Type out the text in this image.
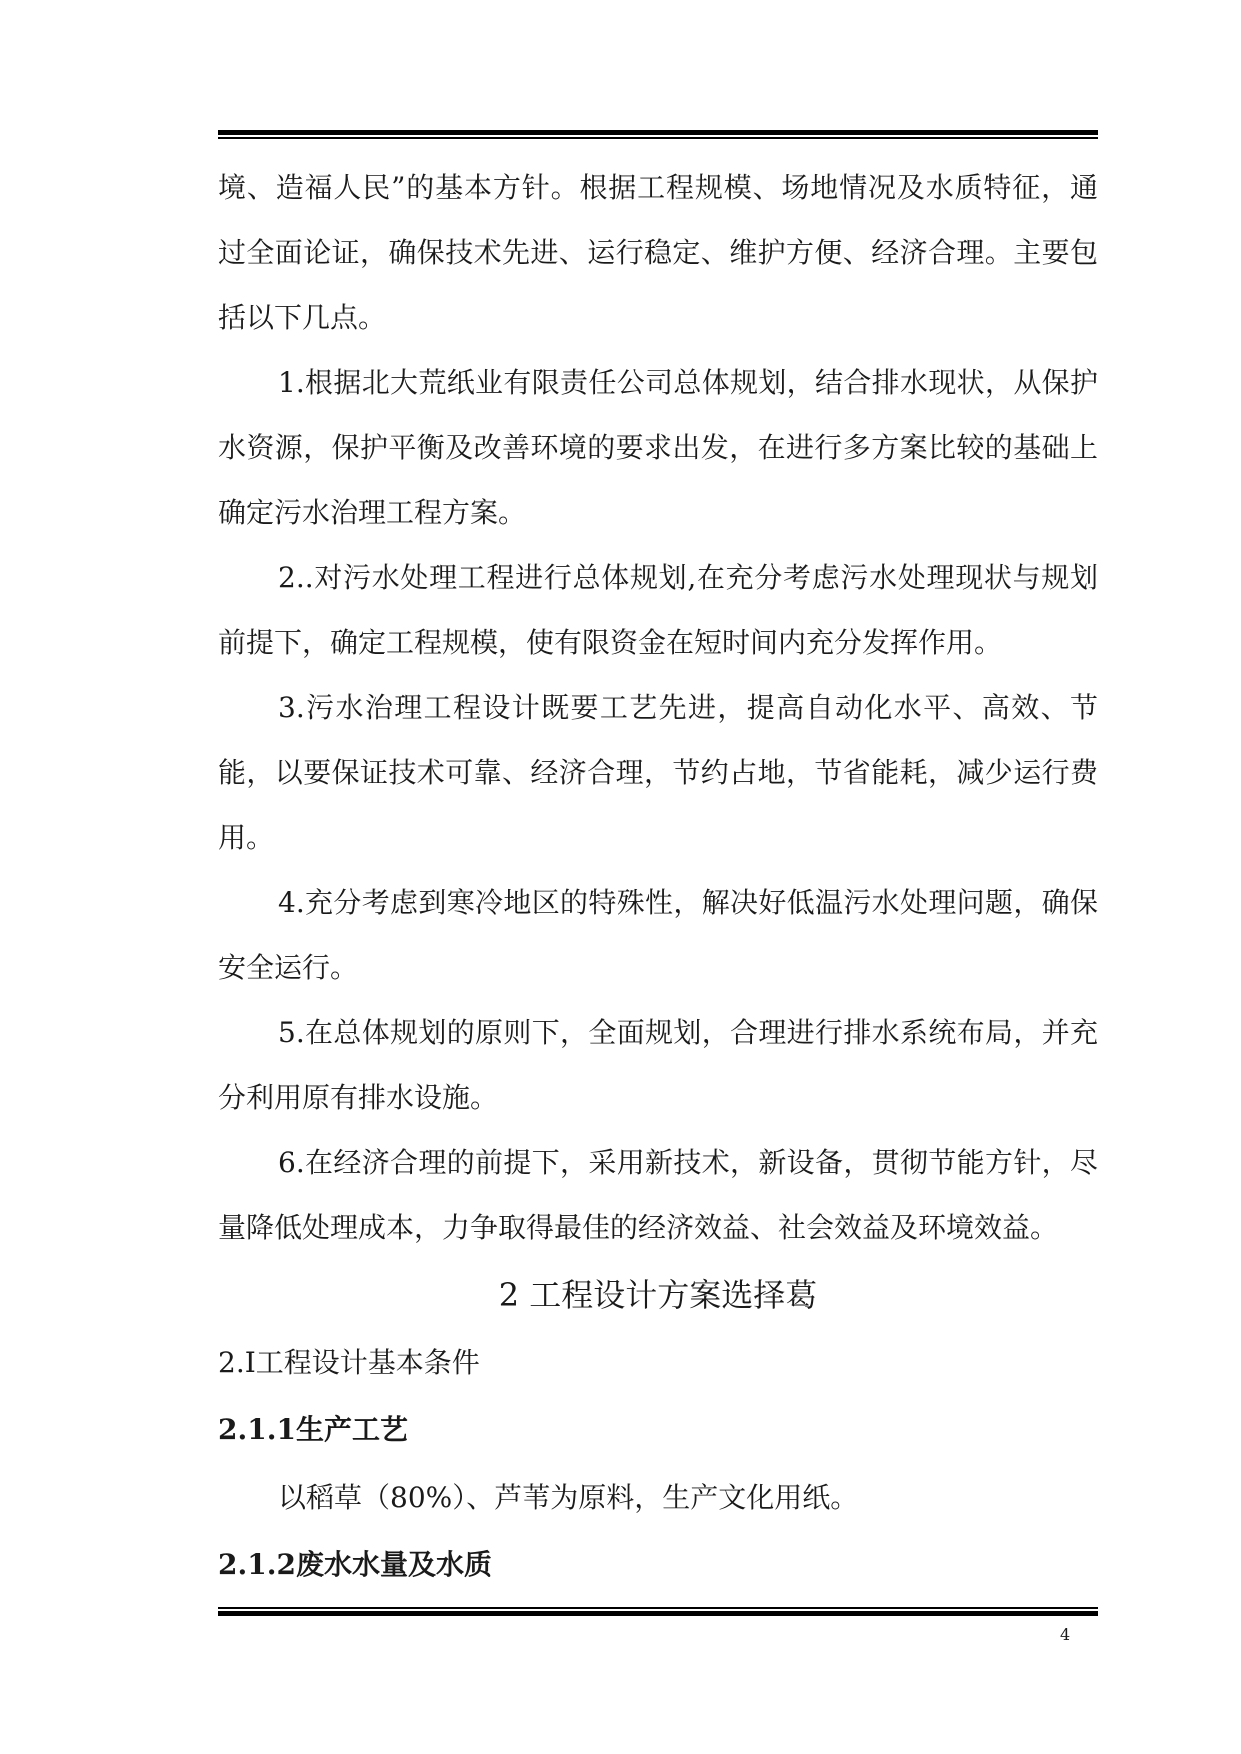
境、造福人民”的基本方针。根据工程规模、场地情况及水质特征，通过全面论证，确保技术先进、运行稳定、维护方便、经济合理。主要包括以下几点。

1.根据北大荒纸业有限责任公司总体规划，结合排水现状，从保护水资源，保护平衡及改善环境的要求出发，在进行多方案比较的基础上确定污水治理工程方案。

2..对污水处理工程进行总体规划,在充分考虑污水处理现状与规划前提下，确定工程规模，使有限资金在短时间内充分发挥作用。

3.污水治理工程设计既要工艺先进，提高自动化水平、高效、节能，以要保证技术可靠、经济合理，节约占地，节省能耗，减少运行费用。

4.充分考虑到寒冷地区的特殊性，解决好低温污水处理问题，确保安全运行。

5.在总体规划的原则下，全面规划，合理进行排水系统布局，并充分利用原有排水设施。

6.在经济合理的前提下，采用新技术，新设备，贯彻节能方针，尽量降低处理成本，力争取得最佳的经济效益、社会效益及环境效益。

2 工程设计方案选择葛
2.Ⅰ工程设计基本条件
2.1.1生产工艺

以稻草（80%）、芦苇为原料，生产文化用纸。

2.1.2废水水量及水质
4
